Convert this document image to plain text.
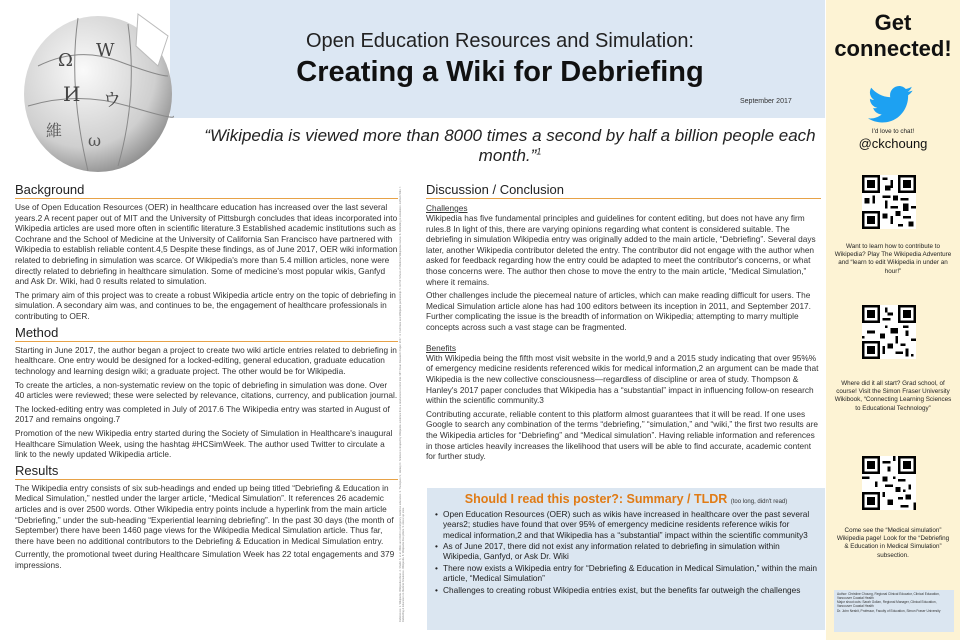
Ω W
И ウ
維
ω
Open Education Resources and Simulation:
Creating a Wiki for Debriefing
September 2017
“Wikipedia is viewed more than 8000 times a second by half a billion people each month.”$^1$
Background

Use of Open Education Resources (OER) in healthcare education has increased over the last several years.2 A recent paper out of MIT and the University of Pittsburgh concludes that ideas incorporated into Wikipedia articles are used more often in scientific literature.3 Established academic institutions such as Cochrane and the School of Medicine at the University of California San Francisco have partnered with Wikipedia to establish reliable content.4,5 Despite these findings, as of June 2017, OER wiki information related to debriefing in simulation was scarce. Of Wikipedia's more than 5.4 million articles, none were directly related to debriefing in healthcare simulation. Some of medicine's most popular wikis, Ganfyd and Ask Dr. Wiki, had 0 results related to simulation.

The primary aim of this project was to create a robust Wikipedia article entry on the topic of debriefing in simulation. A secondary aim was, and continues to be, the engagement of healthcare professionals in contributing to OER.

Method

Starting in June 2017, the author began a project to create two wiki article entries related to debriefing in healthcare. One entry would be designed for a locked-editing, general education, graduate education technology and learning design wiki; a graduate project. The other would be for Wikipedia.

To create the articles, a non-systematic review on the topic of debriefing in simulation was done. Over 40 articles were reviewed; these were selected by relevance, citations, currency, and publication journal.

The locked-editing entry was completed in July of 2017.6 The Wikipedia entry was started in August of 2017 and remains ongoing.7

Promotion of the new Wikipedia entry started during the Society of Simulation in Healthcare's inaugural Healthcare Simulation Week, using the hashtag #HCSimWeek. The author used Twitter to circulate a link to the newly updated Wikipedia article.

Results

The Wikipedia entry consists of six sub-headings and ended up being titled “Debriefing & Education in Medical Simulation,” nestled under the larger article, “Medical Simulation”. It references 26 academic articles and is over 2500 words. Other Wikipedia entry points include a hyperlink from the main article “Debriefing,” under the sub-heading “Experiential learning debriefing”. In the past 30 days (the month of September) there have been 1460 page views for the Wikipedia Medical Simulation article. Thus far, there have been no additional contributors to the Debriefing & Education in Medical Simulation entry.

Currently, the promotional tweet during Healthcare Simulation Week has 22 total engagements and 379 impressions.	References: 1. Wikipedia. Wikipedia:About. 2. Shafer S, et al. Wikis and OER in emergency medicine education. 3. Thompson N, Hanley D. Science is shaped by Wikipedia: evidence from a randomized control trial. MIT Sloan Research Paper. 2017. 4. Cochrane and Wikipedia partnership. 5. UCSF School of Medicine Wikipedia course. 6. Debriefing in simulation. EdTech Wiki. 7. Debriefing & Education in Medical Simulation. Wikipedia. 8. Wikipedia:Five pillars. 9. Alexa top sites.
Discussion / Conclusion
Challenges

Wikipedia has five fundamental principles and guidelines for content editing, but does not have any firm rules.8 In light of this, there are varying opinions regarding what content is considered suitable. The debriefing in simulation Wikipedia entry was originally added to the main article, “Debriefing”. Several days later, another Wikipedia contributor deleted the entry. The contributor did not engage with the author when asked for feedback regarding how the entry could be adapted to meet the contributor's concerns, or what those concerns were. The author then chose to move the entry to the main article, “Medical Simulation,” where it remains.

Other challenges include the piecemeal nature of articles, which can make reading difficult for users. The Medical Simulation article alone has had 100 editors between its inception in 2011, and September 2017. Further complicating the issue is the breadth of information on Wikipedia; attempting to marry multiple concepts across such a vast stage can be fragmented.

Benefits

With Wikipedia being the fifth most visit website in the world,9 and a 2015 study indicating that over 95%% of emergency medicine residents referenced wikis for medical information,2 an argument can be made that Wikipedia is the new collective consciousness—regardless of discipline or area of study. Thompson & Hanley's 2017 paper concludes that Wikipedia has a “substantial” impact in influencing follow-on research within the scientific community.3

Contributing accurate, reliable content to this platform almost guarantees that it will be read. If one uses Google to search any combination of the terms “debriefing,” “simulation,” and “wiki,” the first two results are the Wikipedia articles for “Debriefing” and “Medical simulation”. Having reliable information and references in those articles heavily increases the likelihood that users will be able to find accurate, academic content for further study.

Should I read this poster?: Summary / TLDR (too long, didn't read)
• Open Education Resources (OER) such as wikis have increased in healthcare over the past several years2; studies have found that over 95% of emergency medicine residents reference wikis for medical information,2 and that Wikipedia has a “substantial” impact within the scientific community3
• As of June 2017, there did not exist any information related to debriefing in simulation within Wikipedia, Ganfyd, or Ask Dr. Wiki
• There now exists a Wikipedia entry for “Debriefing & Education in Medical Simulation,” within the main article, “Medical Simulation”
• Challenges to creating robust Wikipedia entries exist, but the benefits far outweigh the challenges
Get connected!
I'd love to chat!
@ckchoung
Want to learn how to contribute to Wikipedia? Play The Wikipedia Adventure and “learn to edit Wikipedia in under an hour!”
Where did it all start? Grad school, of course! Visit the Simon Fraser University Wikibook, “Connecting Learning Sciences to Educational Technology”
Come see the “Medical simulation” Wikipedia page! Look for the “Debriefing & Education in Medical Simulation” subsection.
Author: Christine Choung, Regional Clinical Educator, Clinical Education, Vancouver Coastal Health
Major shout outs: Sarah Gollan, Regional Manager, Clinical Education, Vancouver Coastal Health
Dr. John Nesbit, Professor, Faculty of Education, Simon Fraser University
